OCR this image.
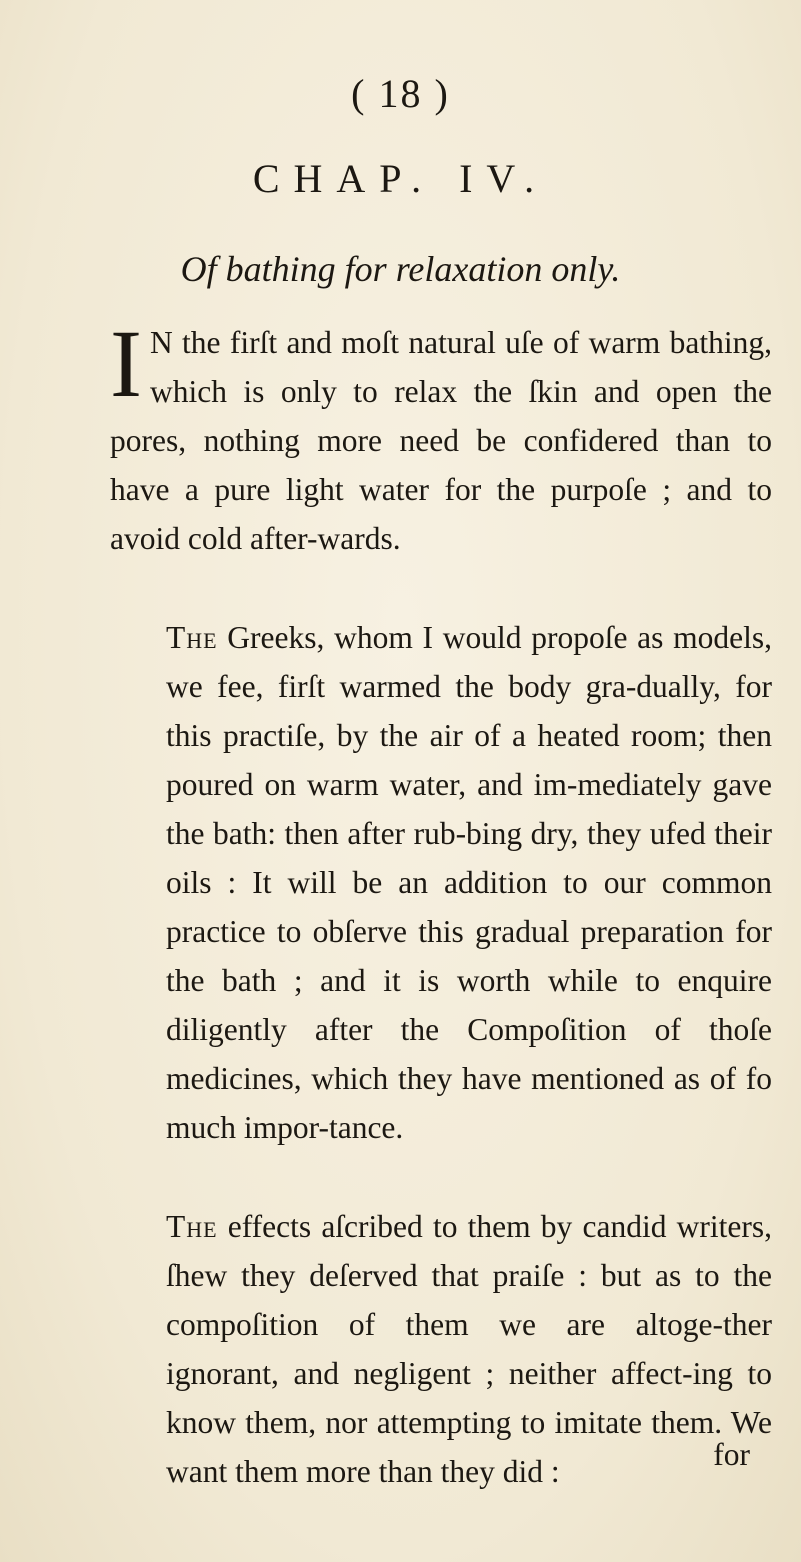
( 18 )
CHAP. IV.
Of bathing for relaxation only.

I N the firſt and moſt natural uſe of warm bathing, which is only to relax the ſkin and open the pores, nothing more need be confidered than to have a pure light water for the purpoſe ; and to avoid cold after-wards.

The Greeks, whom I would propoſe as models, we fee, firſt warmed the body gra-dually, for this practiſe, by the air of a heated room; then poured on warm water, and im-mediately gave the bath: then after rub-bing dry, they ufed their oils : It will be an addition to our common practice to obſerve this gradual preparation for the bath ; and it is worth while to enquire diligently after the Compoſition of thoſe medicines, which they have mentioned as of fo much impor-tance.

The effects aſcribed to them by candid writers, ſhew they deſerved that praiſe : but as to the compoſition of them we are altoge-ther ignorant, and negligent ; neither affect-ing to know them, nor attempting to imitate them. We want them more than they did :	for
